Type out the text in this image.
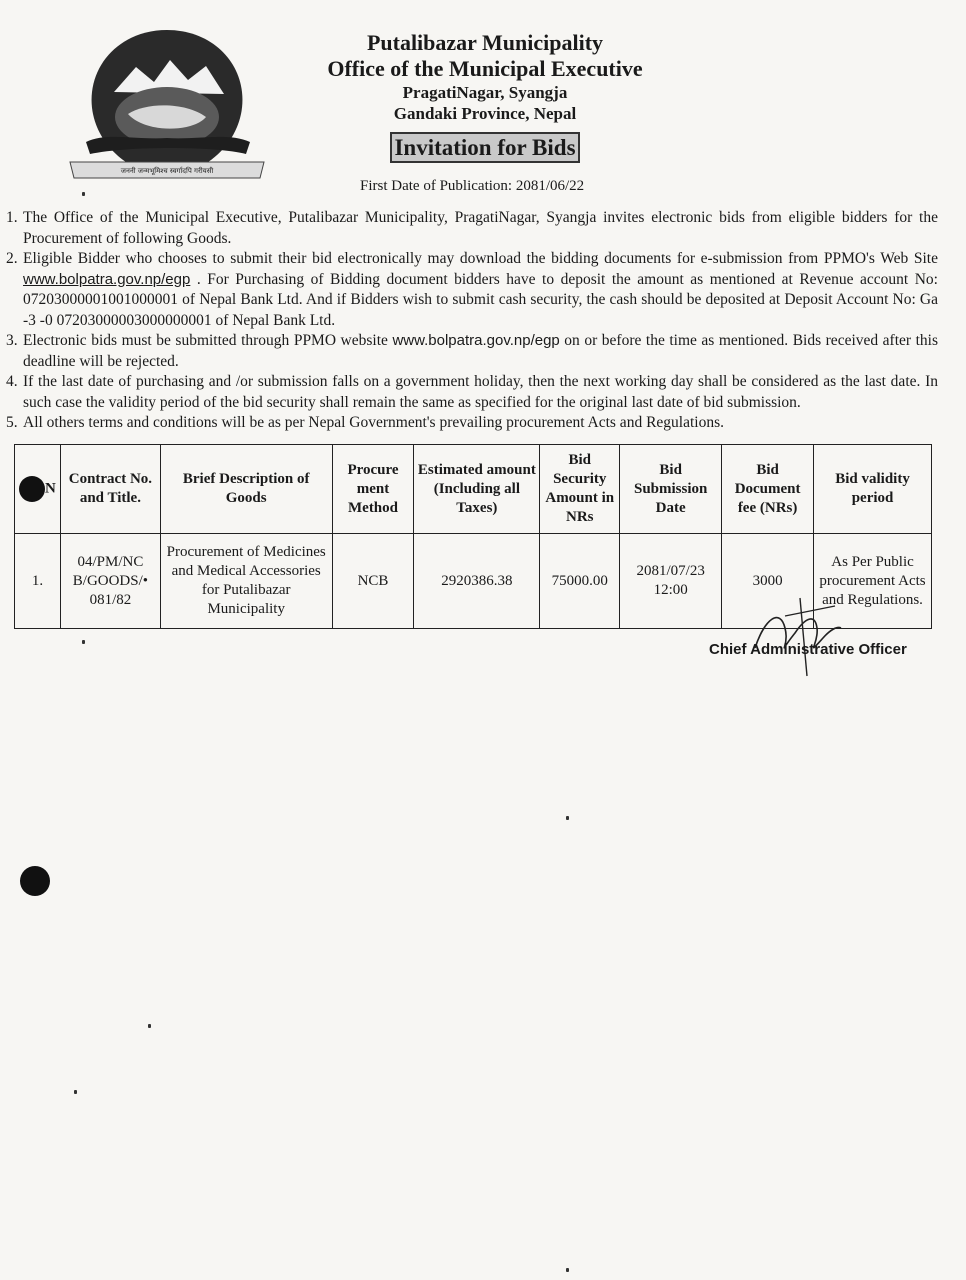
जननी जन्मभूमिश्च स्वर्गादपि गरीयसी
Putalibazar Municipality
Office of the Municipal Executive
PragatiNagar, Syangja
Gandaki Province, Nepal
Invitation for Bids
First Date of Publication: 2081/06/22
1. The Office of the Municipal Executive, Putalibazar Municipality, PragatiNagar, Syangja invites electronic bids from eligible bidders for the Procurement of following Goods.
2. Eligible Bidder who chooses to submit their bid electronically may download the bidding documents for e-submission from PPMO's Web Site www.bolpatra.gov.np/egp . For Purchasing of Bidding document bidders have to deposit the amount as mentioned at Revenue account No: 07203000001001000001 of Nepal Bank Ltd. And if Bidders wish to submit cash security, the cash should be deposited at Deposit Account No: Ga -3 -0 07203000003000000001 of Nepal Bank Ltd.
3. Electronic bids must be submitted through PPMO website www.bolpatra.gov.np/egp on or before the time as mentioned. Bids received after this deadline will be rejected.
4. If the last date of purchasing and /or submission falls on a government holiday, then the next working day shall be considered as the last date. In such case the validity period of the bid security shall remain the same as specified for the original last date of bid submission.
5. All others terms and conditions will be as per Nepal Government's prevailing procurement Acts and Regulations.
N	Contract No. and Title.	Brief Description of Goods	Procure ment Method	Estimated amount (Including all Taxes)	Bid Security Amount in NRs	Bid Submission Date	Bid Document fee (NRs)	Bid validity period
1.	04/PM/NC B/GOODS/• 081/82	Procurement of Medicines and Medical Accessories for Putalibazar Municipality	NCB	2920386.38	75000.00	2081/07/23 12:00	3000	As Per Public procurement Acts and Regulations.
Chief Administrative Officer
